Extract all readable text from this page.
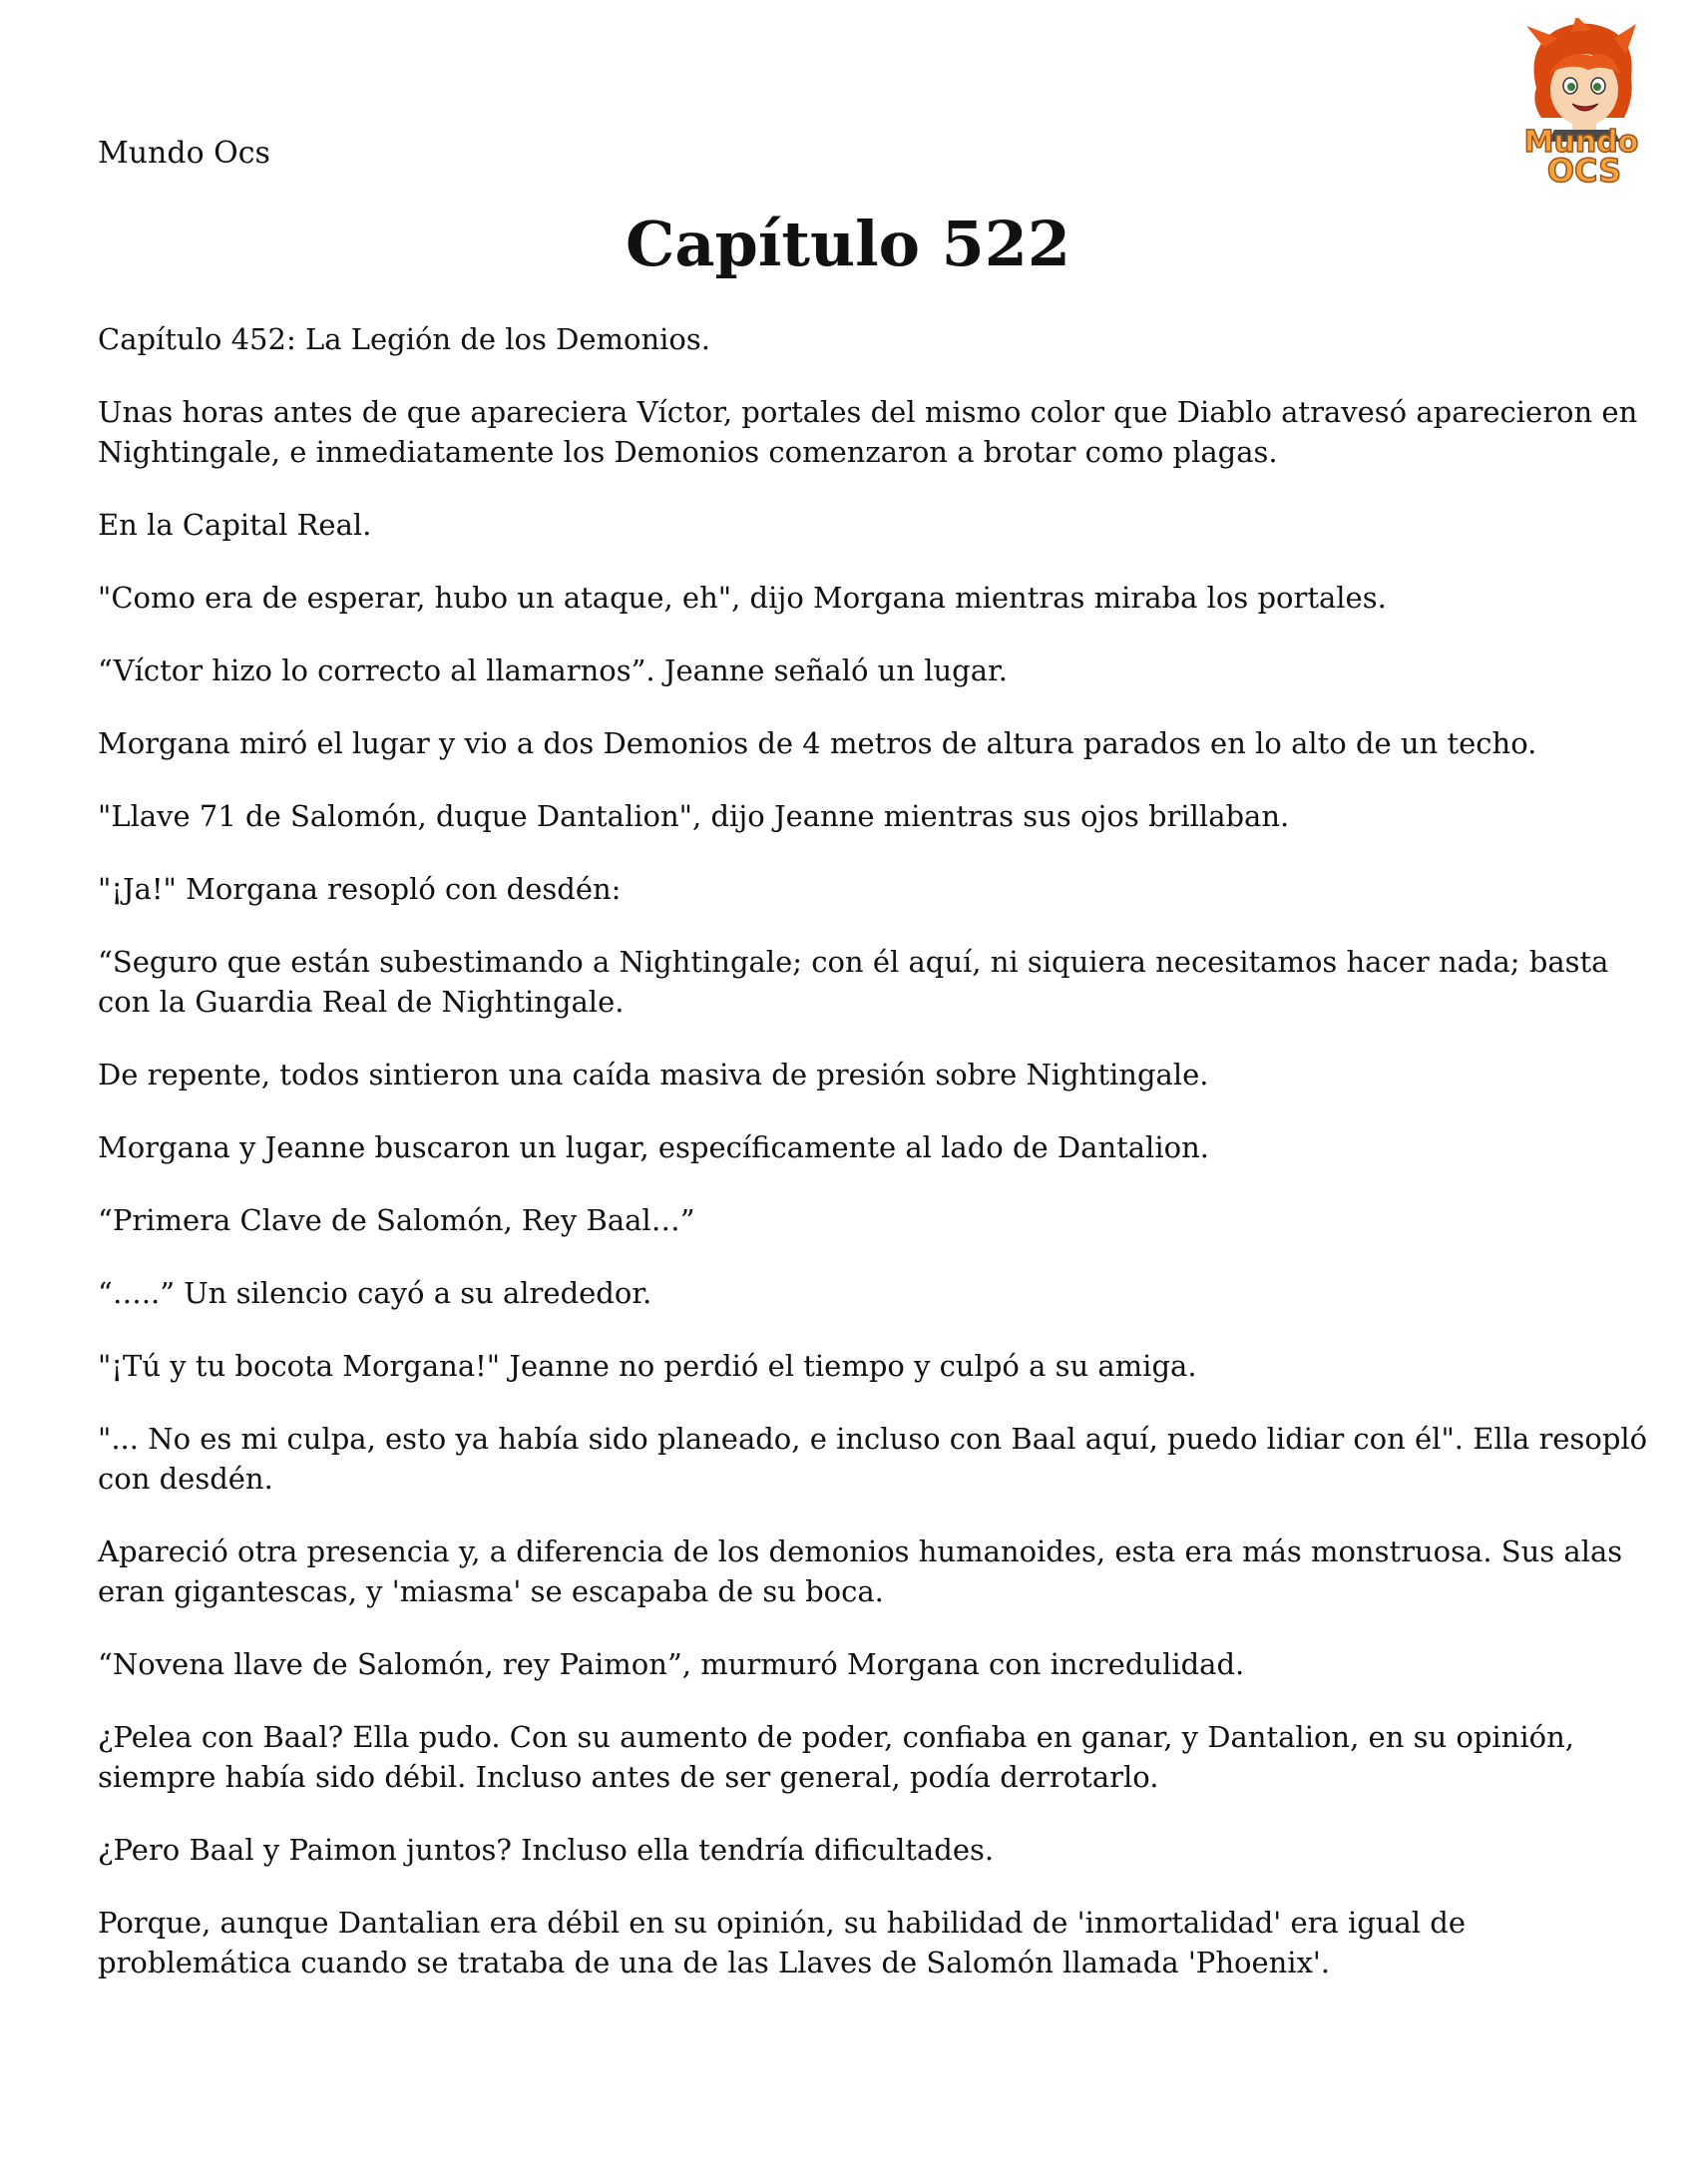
Mundo Ocs	Mundo
OCS
Capítulo 522

Capítulo 452: La Legión de los Demonios.

Unas horas antes de que apareciera Víctor, portales del mismo color que Diablo atravesó aparecieron en Nightingale, e inmediatamente los Demonios comenzaron a brotar como plagas.

En la Capital Real.

"Como era de esperar, hubo un ataque, eh", dijo Morgana mientras miraba los portales.

“Víctor hizo lo correcto al llamarnos”. Jeanne señaló un lugar.

Morgana miró el lugar y vio a dos Demonios de 4 metros de altura parados en lo alto de un techo.

"Llave 71 de Salomón, duque Dantalion", dijo Jeanne mientras sus ojos brillaban.

"¡Ja!" Morgana resopló con desdén:

“Seguro que están subestimando a Nightingale; con él aquí, ni siquiera necesitamos hacer nada; basta con la Guardia Real de Nightingale.

De repente, todos sintieron una caída masiva de presión sobre Nightingale.

Morgana y Jeanne buscaron un lugar, específicamente al lado de Dantalion.

“Primera Clave de Salomón, Rey Baal…”

“…..” Un silencio cayó a su alrededor.

"¡Tú y tu bocota Morgana!" Jeanne no perdió el tiempo y culpó a su amiga.

"... No es mi culpa, esto ya había sido planeado, e incluso con Baal aquí, puedo lidiar con él". Ella resopló con desdén.

Apareció otra presencia y, a diferencia de los demonios humanoides, esta era más monstruosa. Sus alas eran gigantescas, y 'miasma' se escapaba de su boca.

“Novena llave de Salomón, rey Paimon”, murmuró Morgana con incredulidad.

¿Pelea con Baal? Ella pudo. Con su aumento de poder, confiaba en ganar, y Dantalion, en su opinión, siempre había sido débil. Incluso antes de ser general, podía derrotarlo.

¿Pero Baal y Paimon juntos? Incluso ella tendría dificultades.

Porque, aunque Dantalian era débil en su opinión, su habilidad de 'inmortalidad' era igual de problemática cuando se trataba de una de las Llaves de Salomón llamada 'Phoenix'.
